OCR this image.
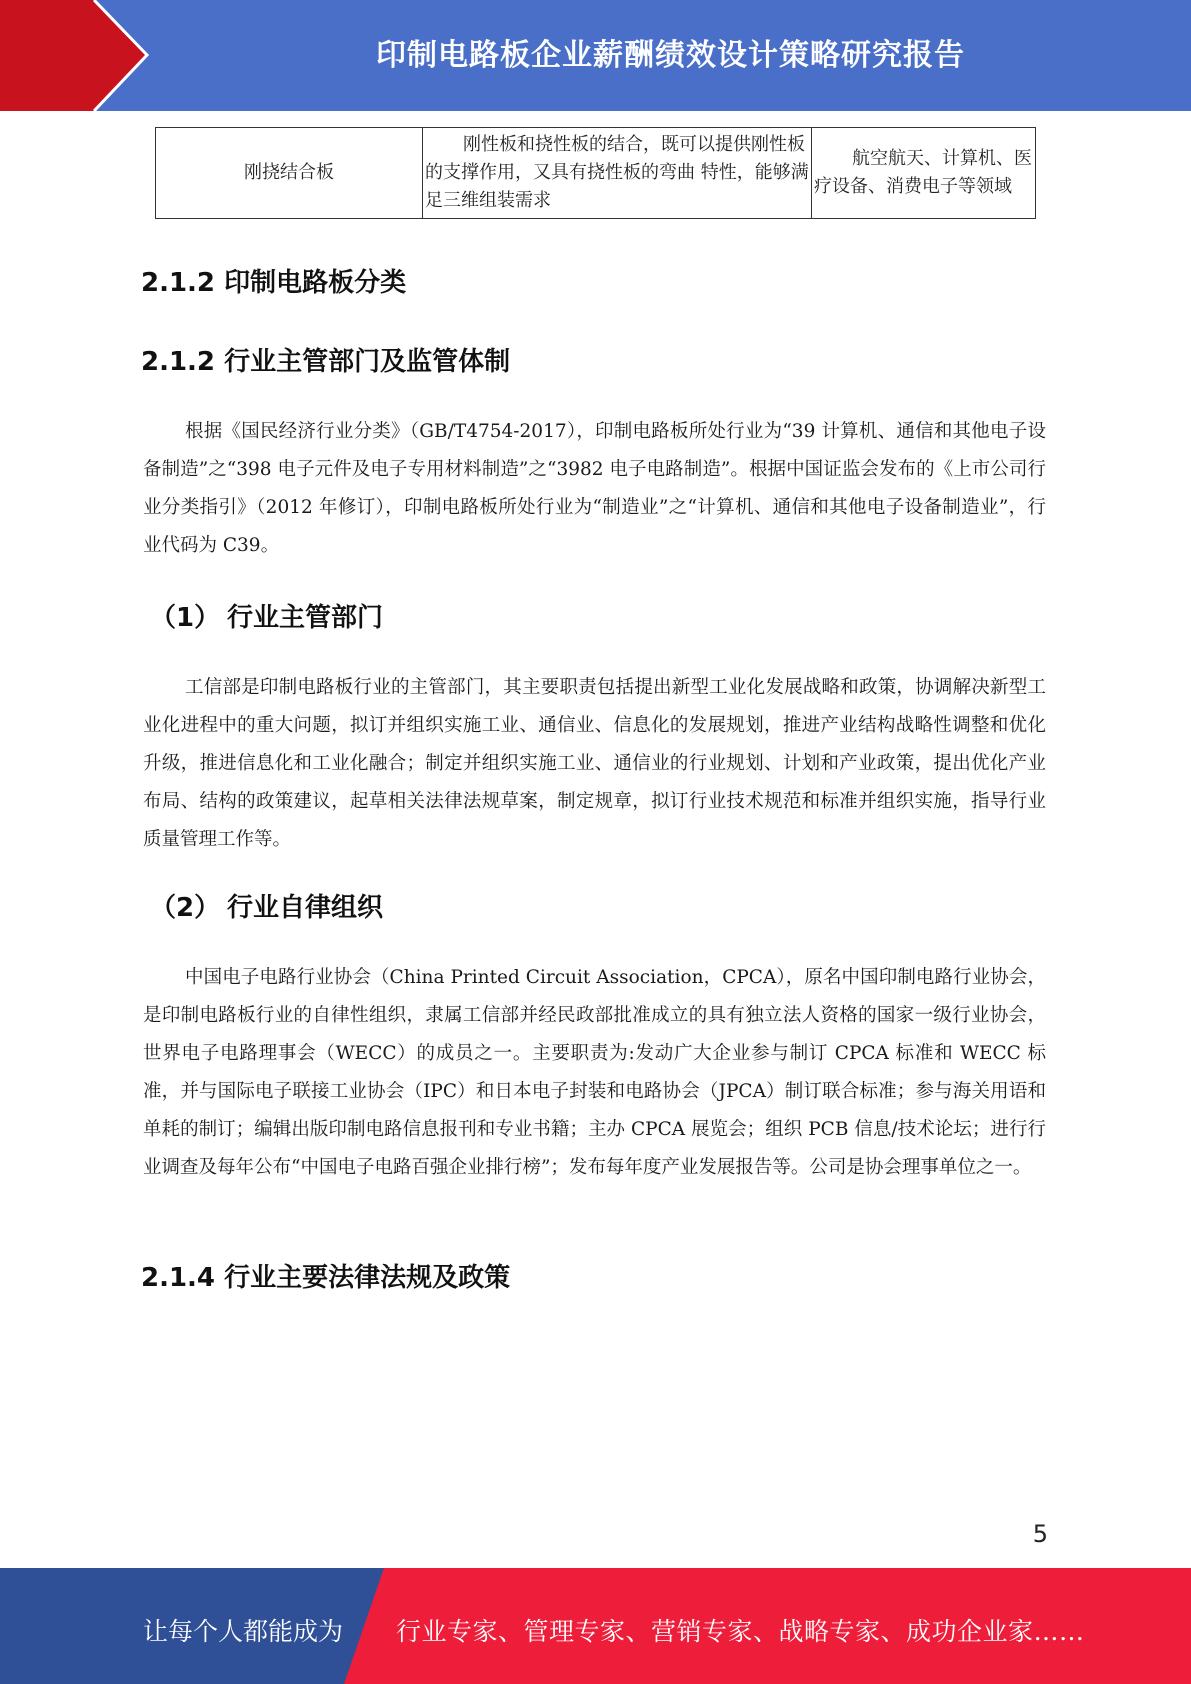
印制电路板企业薪酬绩效设计策略研究报告
刚挠结合板	刚性板和挠性板的结合，既可以提供刚性板的支撑作用，又具有挠性板的弯曲 特性，能够满足三维组装需求	航空航天、计算机、医 疗设备、消费电子等领域
2.1.2 印制电路板分类
2.1.2 行业主管部门及监管体制

根据《国民经济行业分类》（GB/T4754-2017），印制电路板所处行业为“39 计算机、通信和其他电子设备制造”之“398 电子元件及电子专用材料制造”之“3982 电子电路制造”。根据中国证监会发布的《上市公司行业分类指引》（2012 年修订），印制电路板所处行业为“制造业”之“计算机、通信和其他电子设备制造业”，行业代码为 C39。

（1） 行业主管部门

工信部是印制电路板行业的主管部门，其主要职责包括提出新型工业化发展战略和政策，协调解决新型工业化进程中的重大问题，拟订并组织实施工业、通信业、信息化的发展规划，推进产业结构战略性调整和优化升级，推进信息化和工业化融合；制定并组织实施工业、通信业的行业规划、计划和产业政策，提出优化产业布局、结构的政策建议，起草相关法律法规草案，制定规章，拟订行业技术规范和标准并组织实施，指导行业质量管理工作等。

（2） 行业自律组织

中国电子电路行业协会（China Printed Circuit Association，CPCA），原名中国印制电路行业协会，是印制电路板行业的自律性组织，隶属工信部并经民政部批准成立的具有独立法人资格的国家一级行业协会，世界电子电路理事会（WECC）的成员之一。主要职责为:发动广大企业参与制订 CPCA 标准和 WECC 标准，并与国际电子联接工业协会（IPC）和日本电子封装和电路协会（JPCA）制订联合标准；参与海关用语和单耗的制订；编辑出版印制电路信息报刊和专业书籍；主办 CPCA 展览会；组织 PCB 信息/技术论坛；进行行业调查及每年公布“中国电子电路百强企业排行榜”；发布每年度产业发展报告等。公司是协会理事单位之一。

2.1.4 行业主要法律法规及政策
5
让每个人都能成为 行业专家、管理专家、营销专家、战略专家、成功企业家……
